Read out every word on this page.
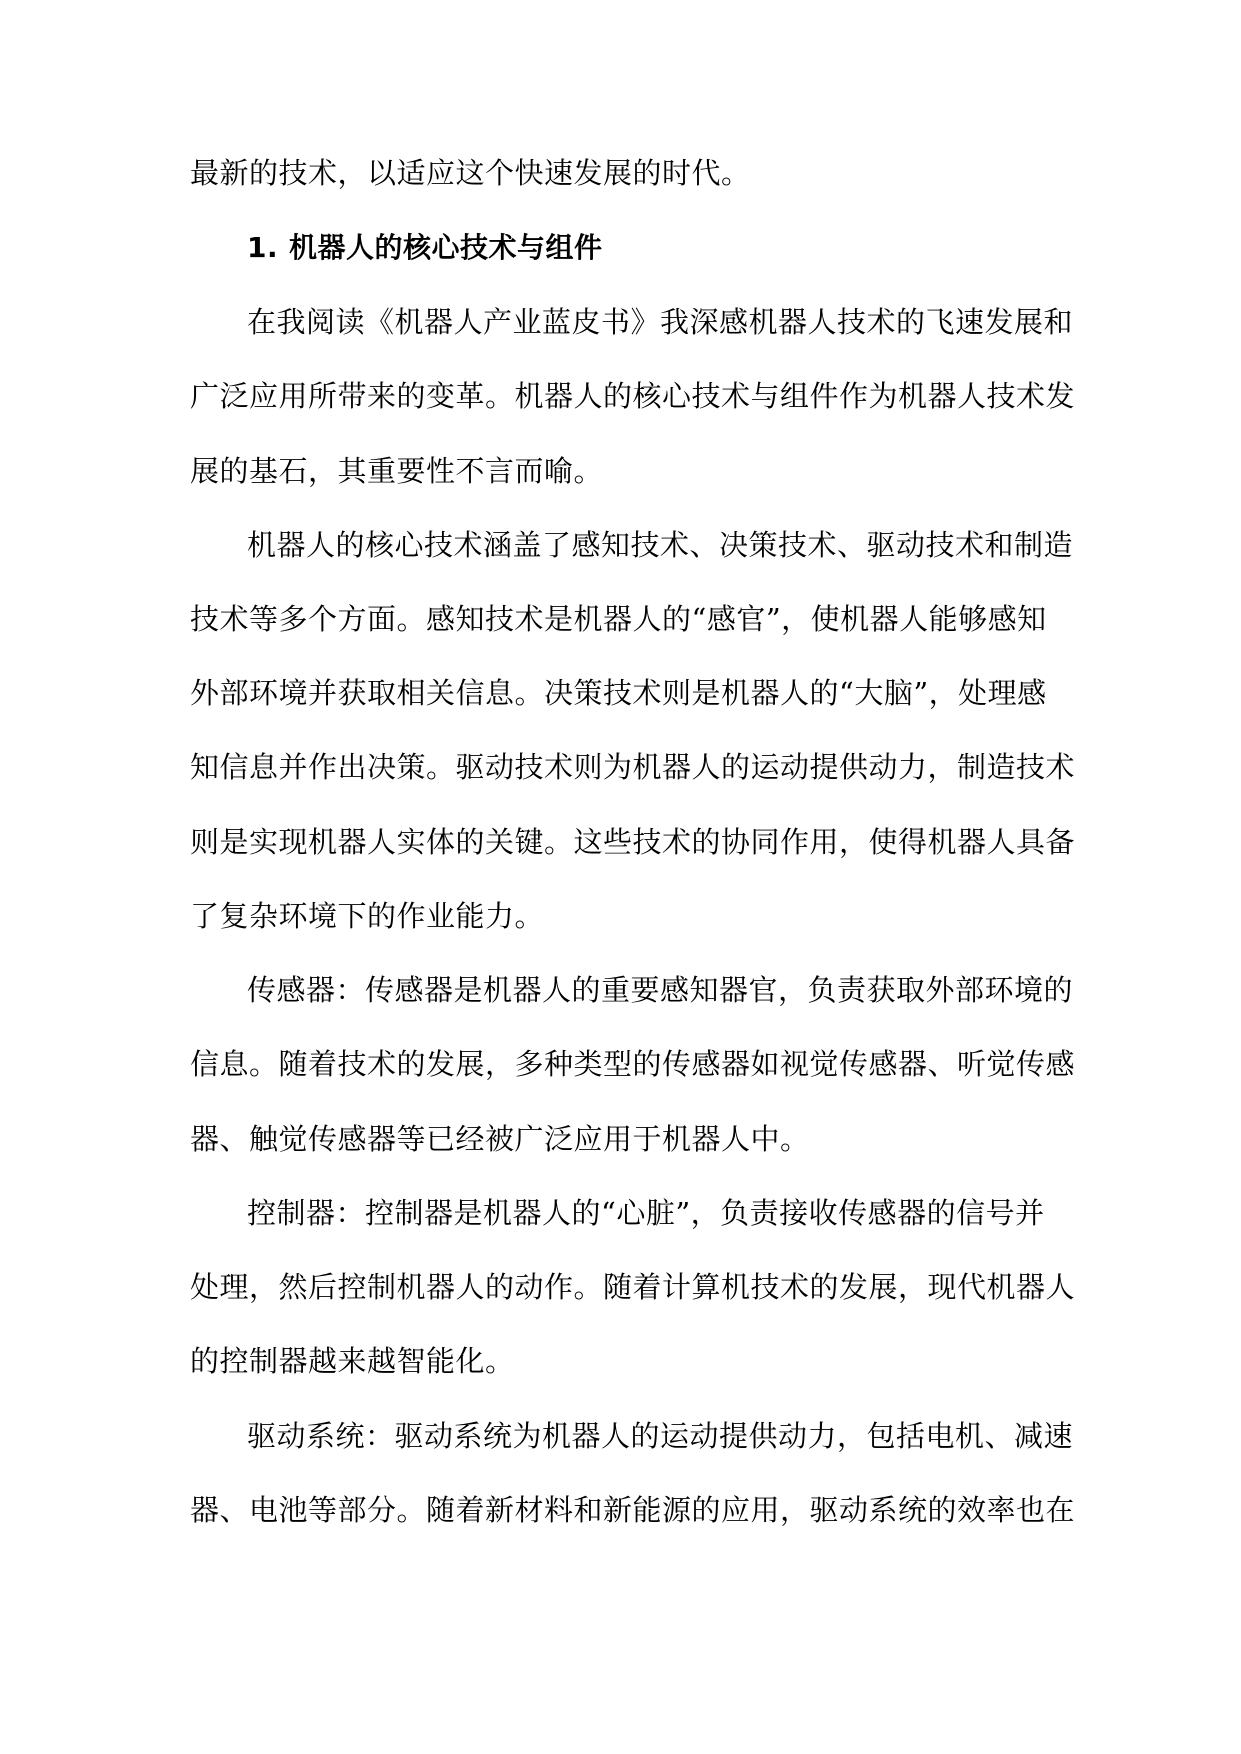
最新的技术，以适应这个快速发展的时代。
1. 机器人的核心技术与组件
在我阅读《机器人产业蓝皮书》我深感机器人技术的飞速发展和
广泛应用所带来的变革。机器人的核心技术与组件作为机器人技术发
展的基石，其重要性不言而喻。
机器人的核心技术涵盖了感知技术、决策技术、驱动技术和制造
技术等多个方面。感知技术是机器人的“感官”，使机器人能够感知
外部环境并获取相关信息。决策技术则是机器人的“大脑”，处理感
知信息并作出决策。驱动技术则为机器人的运动提供动力，制造技术
则是实现机器人实体的关键。这些技术的协同作用，使得机器人具备
了复杂环境下的作业能力。
传感器：传感器是机器人的重要感知器官，负责获取外部环境的
信息。随着技术的发展，多种类型的传感器如视觉传感器、听觉传感
器、触觉传感器等已经被广泛应用于机器人中。
控制器：控制器是机器人的“心脏”，负责接收传感器的信号并
处理，然后控制机器人的动作。随着计算机技术的发展，现代机器人
的控制器越来越智能化。
驱动系统：驱动系统为机器人的运动提供动力，包括电机、减速
器、电池等部分。随着新材料和新能源的应用，驱动系统的效率也在
